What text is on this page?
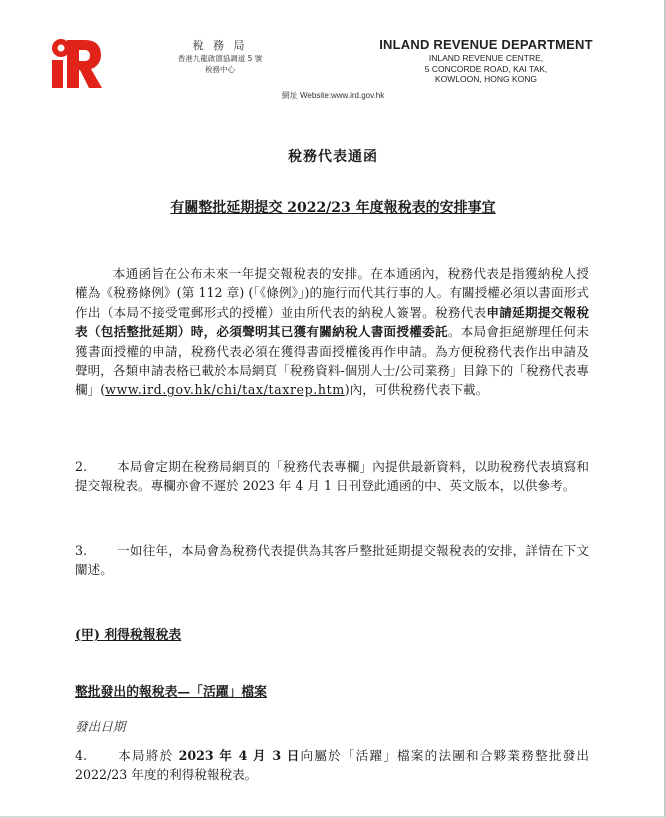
稅 務 局
香港九龍啟德協調道 5 號
稅務中心
INLAND REVENUE DEPARTMENT
INLAND REVENUE CENTRE,
5 CONCORDE ROAD, KAI TAK,
KOWLOON, HONG KONG
網址 Website:www.ird.gov.hk
稅務代表通函
有關整批延期提交 2022/23 年度報稅表的安排事宜
本通函旨在公布未來一年提交報稅表的安排。在本通函內，稅務代表是指獲納稅人授權為《稅務條例》(第 112 章) (「《條例》」)的施行而代其行事的人。有關授權必須以書面形式作出（本局不接受電郵形式的授權）並由所代表的納稅人簽署。稅務代表申請延期提交報稅表（包括整批延期）時，必須聲明其已獲有關納稅人書面授權委託。本局會拒絕辦理任何未獲書面授權的申請，稅務代表必須在獲得書面授權後再作申請。為方便稅務代表作出申請及聲明，各類申請表格已載於本局網頁「稅務資料-個別人士/公司業務」目錄下的「稅務代表專欄」(www.ird.gov.hk/chi/tax/taxrep.htm)內，可供稅務代表下載。
2. 本局會定期在稅務局網頁的「稅務代表專欄」內提供最新資料，以助稅務代表填寫和提交報稅表。專欄亦會不遲於 2023 年 4 月 1 日刊登此通函的中、英文版本，以供參考。
3. 一如往年，本局會為稅務代表提供為其客戶整批延期提交報稅表的安排，詳情在下文闡述。
(甲) 利得稅報稅表
整批發出的報稅表—「活躍」檔案
發出日期
4. 本局將於 2023 年 4 月 3 日向屬於「活躍」檔案的法團和合夥業務整批發出 2022/23 年度的利得稅報稅表。
